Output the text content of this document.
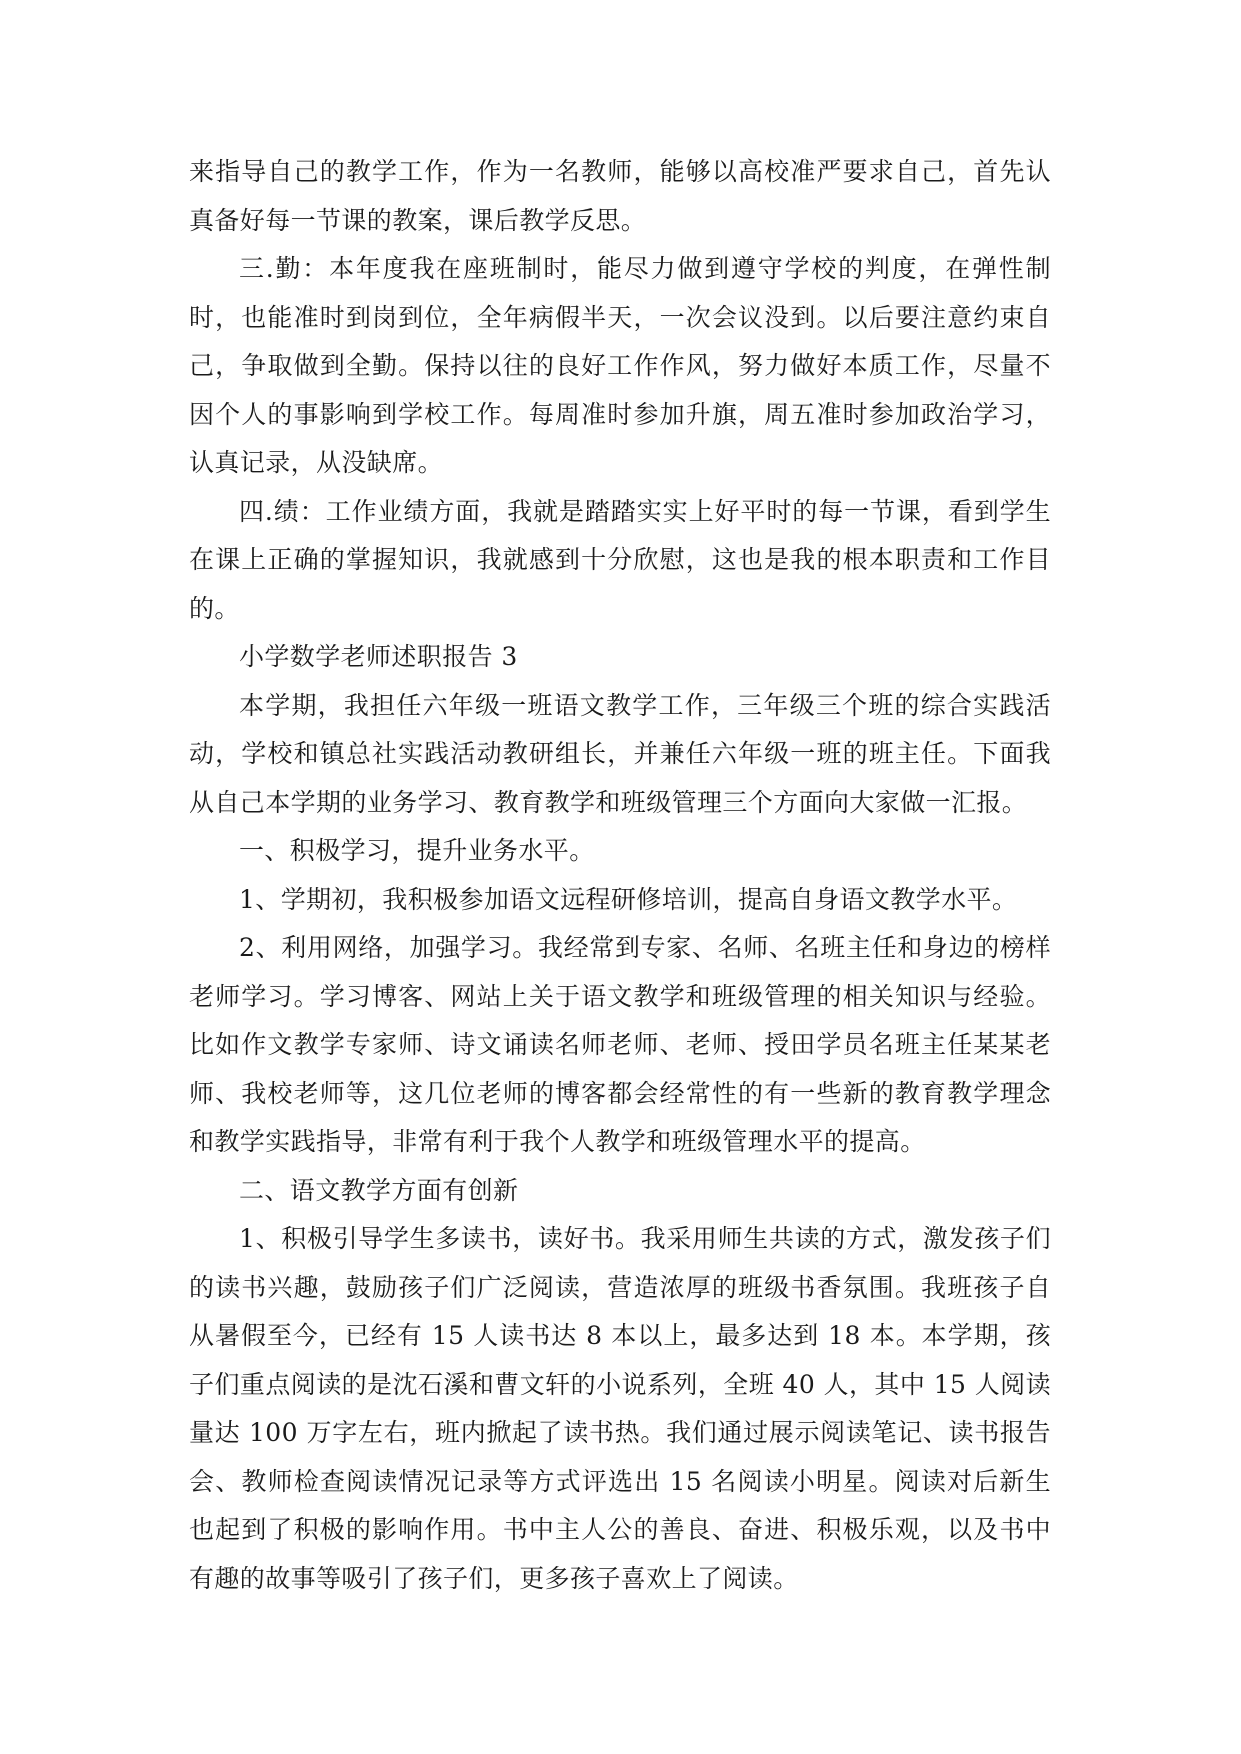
来指导自己的教学工作，作为一名教师，能够以高校准严要求自己，首先认真备好每一节课的教案，课后教学反思。

三.勤：本年度我在座班制时，能尽力做到遵守学校的判度，在弹性制时，也能准时到岗到位，全年病假半天，一次会议没到。以后要注意约束自己，争取做到全勤。保持以往的良好工作作风，努力做好本质工作，尽量不因个人的事影响到学校工作。每周准时参加升旗，周五准时参加政治学习，认真记录，从没缺席。

四.绩：工作业绩方面，我就是踏踏实实上好平时的每一节课，看到学生在课上正确的掌握知识，我就感到十分欣慰，这也是我的根本职责和工作目的。

小学数学老师述职报告 3

本学期，我担任六年级一班语文教学工作，三年级三个班的综合实践活动，学校和镇总社实践活动教研组长，并兼任六年级一班的班主任。下面我从自己本学期的业务学习、教育教学和班级管理三个方面向大家做一汇报。

一、积极学习，提升业务水平。

1、学期初，我积极参加语文远程研修培训，提高自身语文教学水平。

2、利用网络，加强学习。我经常到专家、名师、名班主任和身边的榜样老师学习。学习博客、网站上关于语文教学和班级管理的相关知识与经验。比如作文教学专家师、诗文诵读名师老师、老师、授田学员名班主任某某老师、我校老师等，这几位老师的博客都会经常性的有一些新的教育教学理念和教学实践指导，非常有利于我个人教学和班级管理水平的提高。

二、语文教学方面有创新

1、积极引导学生多读书，读好书。我采用师生共读的方式，激发孩子们的读书兴趣，鼓励孩子们广泛阅读，营造浓厚的班级书香氛围。我班孩子自从暑假至今，已经有 15 人读书达 8 本以上，最多达到 18 本。本学期，孩子们重点阅读的是沈石溪和曹文轩的小说系列，全班 40 人，其中 15 人阅读量达 100 万字左右，班内掀起了读书热。我们通过展示阅读笔记、读书报告会、教师检查阅读情况记录等方式评选出 15 名阅读小明星。阅读对后新生也起到了积极的影响作用。书中主人公的善良、奋进、积极乐观，以及书中有趣的故事等吸引了孩子们，更多孩子喜欢上了阅读。
